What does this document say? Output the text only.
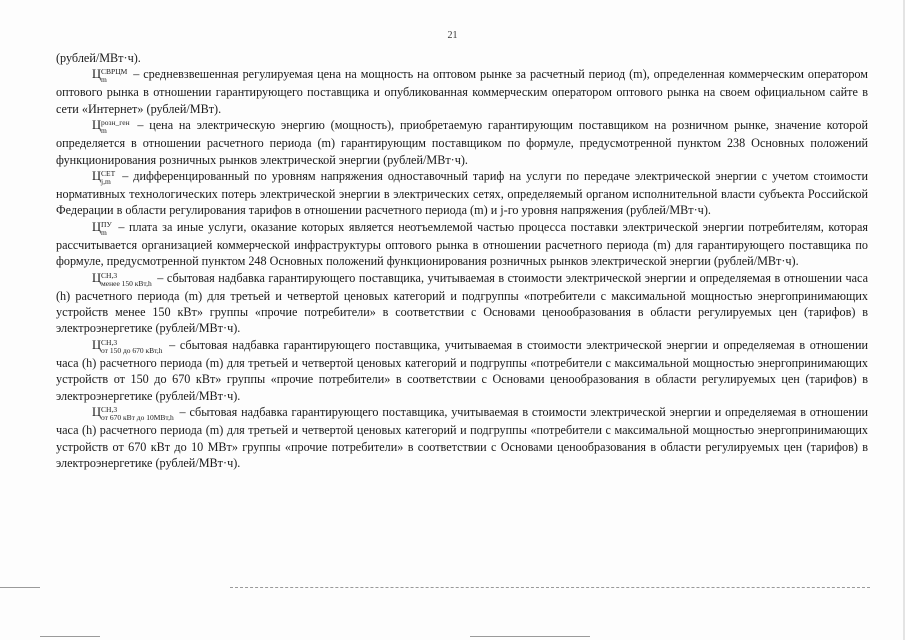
21

(рублей/МВт·ч).

Ц СВРЦМ
m	– средневзвешенная регулируемая цена на мощность на оптовом рынке за расчетный период (m), определенная коммерческим оператором оптового рынка в отношении гарантирующего поставщика и опубликованная коммерческим оператором оптового рынка на своем официальном сайте в сети «Интернет» (рублей/МВт).

Ц розн_ген
m	– цена на электрическую энергию (мощность), приобретаемую гарантирующим поставщиком на розничном рынке, значение которой определяется в отношении расчетного периода (m) гарантирующим поставщиком по формуле, предусмотренной пунктом 238 Основных положений функционирования розничных рынков электрической энергии (рублей/МВт·ч).

Ц СЕТ
j,m – дифференцированный по уровням напряжения одноставочный тариф на услуги по передаче электрической энергии с учетом стоимости нормативных технологических потерь электрической энергии в электрических сетях, определяемый органом исполнительной власти субъекта Российской Федерации в области регулирования тарифов в отношении расчетного периода (m) и j-го уровня напряжения (рублей/МВт·ч).

Ц ПУ
m – плата за иные услуги, оказание которых является неотъемлемой частью процесса поставки электрической энергии потребителям, которая рассчитывается организацией коммерческой инфраструктуры оптового рынка в отношении расчетного периода (m) для гарантирующего поставщика по формуле, предусмотренной пунктом 248 Основных положений функционирования розничных рынков электрической энергии (рублей/МВт·ч).

Ц СН,3
менее 150 кВт,h – сбытовая надбавка гарантирующего поставщика, учитываемая в стоимости электрической энергии и определяемая в отношении часа (h) расчетного периода (m) для третьей и четвертой ценовых категорий и подгруппы «потребители с максимальной мощностью энергопринимающих устройств менее 150 кВт» группы «прочие потребители» в соответствии с Основами ценообразования в области регулируемых цен (тарифов) в электроэнергетике (рублей/МВт·ч).

Ц СН,3
от 150 до 670 кВт,h – сбытовая надбавка гарантирующего поставщика, учитываемая в стоимости электрической энергии и определяемая в отношении часа (h) расчетного периода (m) для третьей и четвертой ценовых категорий и подгруппы «потребители с максимальной мощностью энергопринимающих устройств от 150 до 670 кВт» группы «прочие потребители» в соответствии с Основами ценообразования в области регулируемых цен (тарифов) в электроэнергетике (рублей/МВт·ч).

Ц СН,3
от 670 кВт до 10МВт,h – сбытовая надбавка гарантирующего поставщика, учитываемая в стоимости электрической энергии и определяемая в отношении часа (h) расчетного периода (m) для третьей и четвертой ценовых категорий и подгруппы «потребители с максимальной мощностью энергопринимающих устройств от 670 кВт до 10 МВт» группы «прочие потребители» в соответствии с Основами ценообразования в области регулируемых цен (тарифов) в электроэнергетике (рублей/МВт·ч).
